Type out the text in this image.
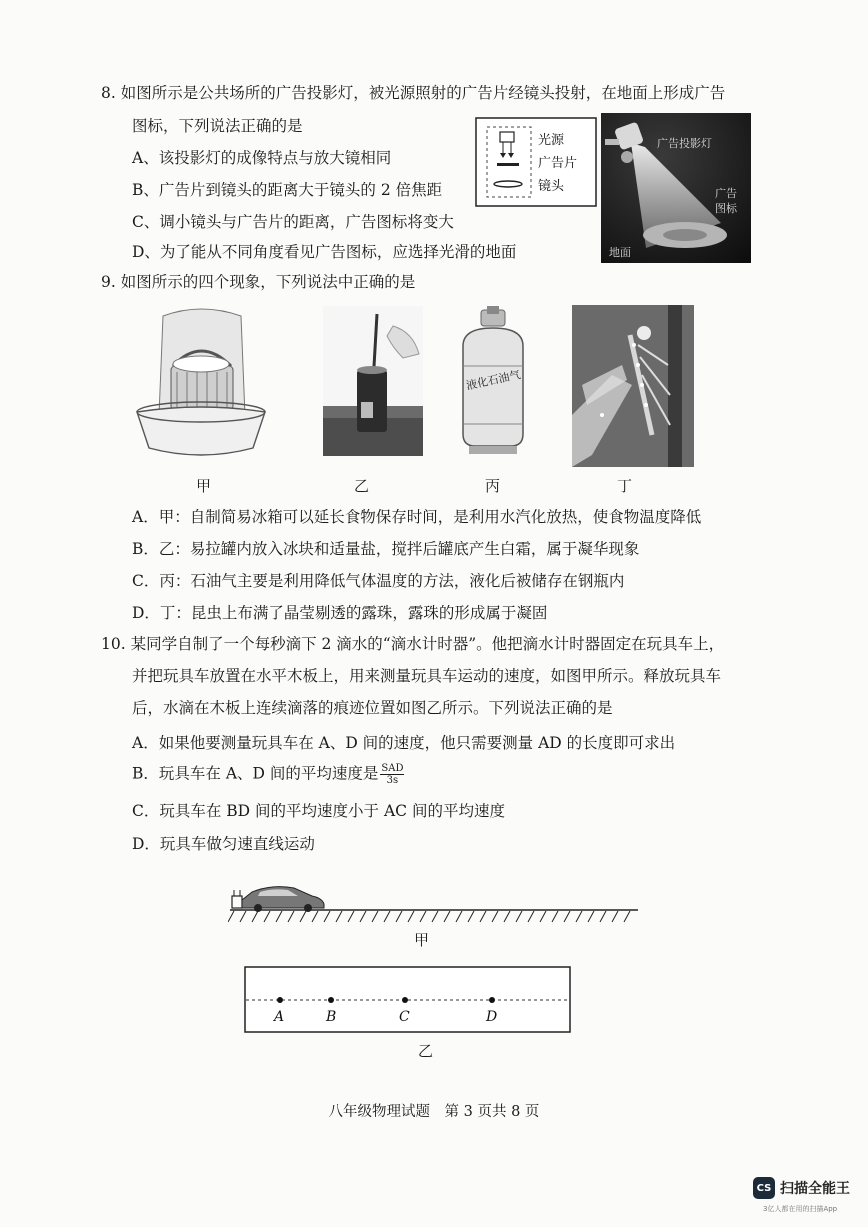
8. 如图所示是公共场所的广告投影灯，被光源照射的广告片经镜头投射，在地面上形成广告
图标，下列说法正确的是
A、该投影灯的成像特点与放大镜相同
B、广告片到镜头的距离大于镜头的 2 倍焦距
C、调小镜头与广告片的距离，广告图标将变大
D、为了能从不同角度看见广告图标，应选择光滑的地面
光源
广告片
镜头
广告投影灯
广告
图标
地面
9. 如图所示的四个现象，下列说法中正确的是
甲	乙
液化石油气
丙	丁
A．甲：自制简易冰箱可以延长食物保存时间，是利用水汽化放热，使食物温度降低
B．乙：易拉罐内放入冰块和适量盐，搅拌后罐底产生白霜，属于凝华现象
C．丙：石油气主要是利用降低气体温度的方法，液化后被储存在钢瓶内
D．丁：昆虫上布满了晶莹剔透的露珠，露珠的形成属于凝固
10. 某同学自制了一个每秒滴下 2 滴水的“滴水计时器”。他把滴水计时器固定在玩具车上，
并把玩具车放置在水平木板上，用来测量玩具车运动的速度，如图甲所示。释放玩具车
后，水滴在木板上连续滴落的痕迹位置如图乙所示。下列说法正确的是
A．如果他要测量玩具车在 A、D 间的速度，他只需要测量 AD 的长度即可求出
B．玩具车在 A、D 间的平均速度是 $\frac{\text{SAD}}{3s}$
C．玩具车在 BD 间的平均速度小于 AC 间的平均速度
D．玩具车做匀速直线运动
甲
A	B	C	D
乙
八年级物理试题　第 3 页共 8 页
CS 扫描全能王
3亿人都在用的扫描App
